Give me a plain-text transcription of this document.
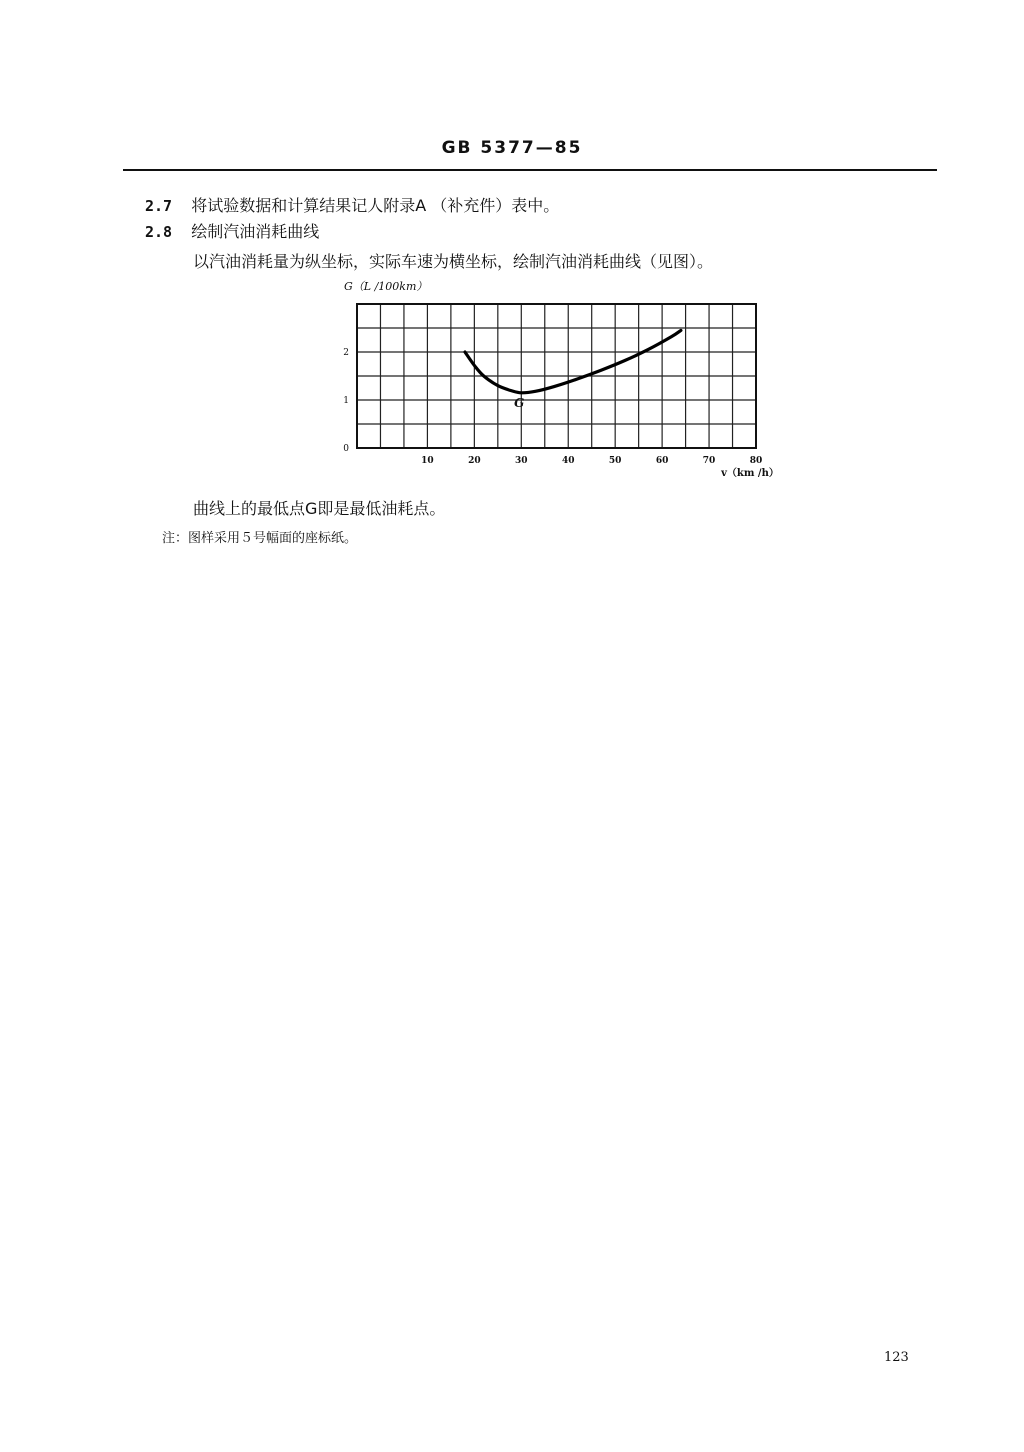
GB 5377—85
2.7 将试验数据和计算结果记人附录A （补充件）表中。
2.8 绘制汽油消耗曲线
以汽油消耗量为纵坐标，实际车速为横坐标，绘制汽油消耗曲线（见图）。
0
1
2
10	20	30	40	50	60	70	80
G（L /100km）
v（km /h）
G
曲线上的最低点G即是最低油耗点。
注：图样采用５号幅面的座标纸。
123
